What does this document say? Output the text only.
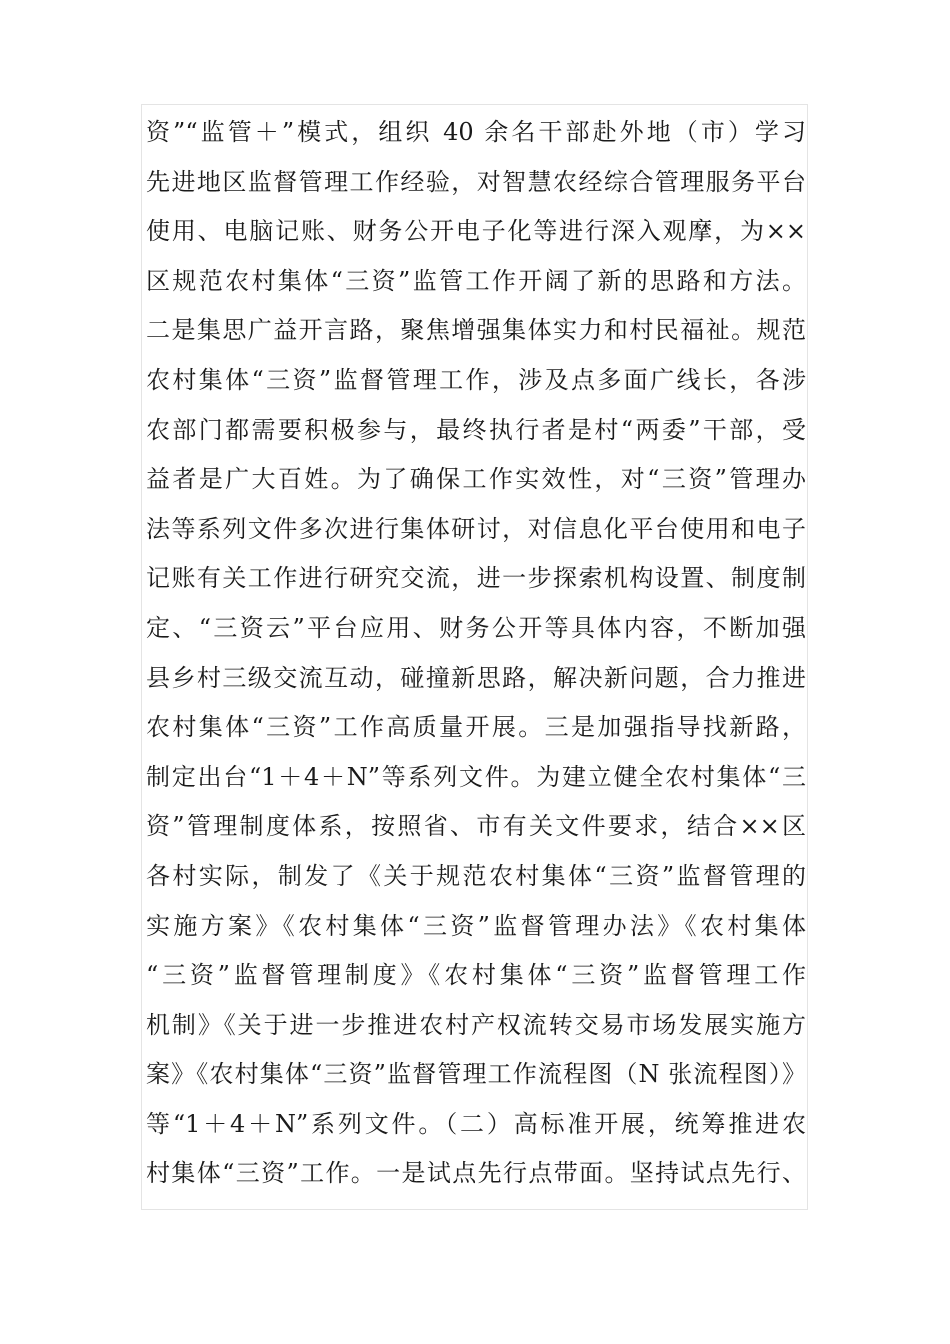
资”“监管＋”模式，组织 40 余名干部赴外地（市）学习
先进地区监督管理工作经验，对智慧农经综合管理服务平台
使用、电脑记账、财务公开电子化等进行深入观摩，为××
区规范农村集体“三资”监管工作开阔了新的思路和方法。
二是集思广益开言路，聚焦增强集体实力和村民福祉。规范
农村集体“三资”监督管理工作，涉及点多面广线长，各涉
农部门都需要积极参与，最终执行者是村“两委”干部，受
益者是广大百姓。为了确保工作实效性，对“三资”管理办
法等系列文件多次进行集体研讨，对信息化平台使用和电子
记账有关工作进行研究交流，进一步探索机构设置、制度制
定、“三资云”平台应用、财务公开等具体内容，不断加强
县乡村三级交流互动，碰撞新思路，解决新问题，合力推进
农村集体“三资”工作高质量开展。三是加强指导找新路，
制定出台“1＋4＋N”等系列文件。为建立健全农村集体“三
资”管理制度体系，按照省、市有关文件要求，结合××区
各村实际，制发了《关于规范农村集体“三资”监督管理的
实施方案》《农村集体“三资”监督管理办法》《农村集体
“三资”监督管理制度》《农村集体“三资”监督管理工作
机制》《关于进一步推进农村产权流转交易市场发展实施方
案》《农村集体“三资”监督管理工作流程图（N 张流程图）》
等“1＋4＋N”系列文件。（二）高标准开展，统筹推进农
村集体“三资”工作。一是试点先行点带面。坚持试点先行、
